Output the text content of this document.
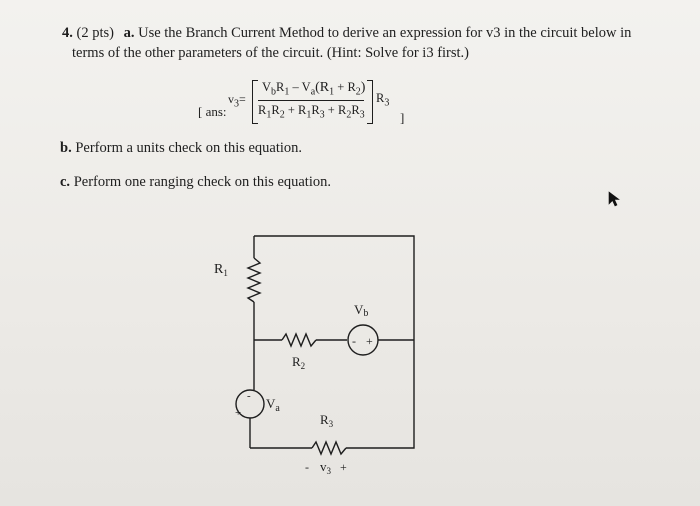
4. (2 pts) a. Use the Branch Current Method to derive an expression for v3 in the circuit below in
terms of the other parameters of the circuit. (Hint: Solve for i3 first.)
[ ans:
$v_3=$
$V_bR_1 - V_a(R_1 + R_2)$
$R_1R_2 + R_1R_3 + R_2R_3$
$R_3$
]
b. Perform a units check on this equation.
c. Perform one ranging check on this equation.
$R_1$
$R_2$
$R_3$
Vb
$V_a$
- +
-
+
- $v_3$ +
